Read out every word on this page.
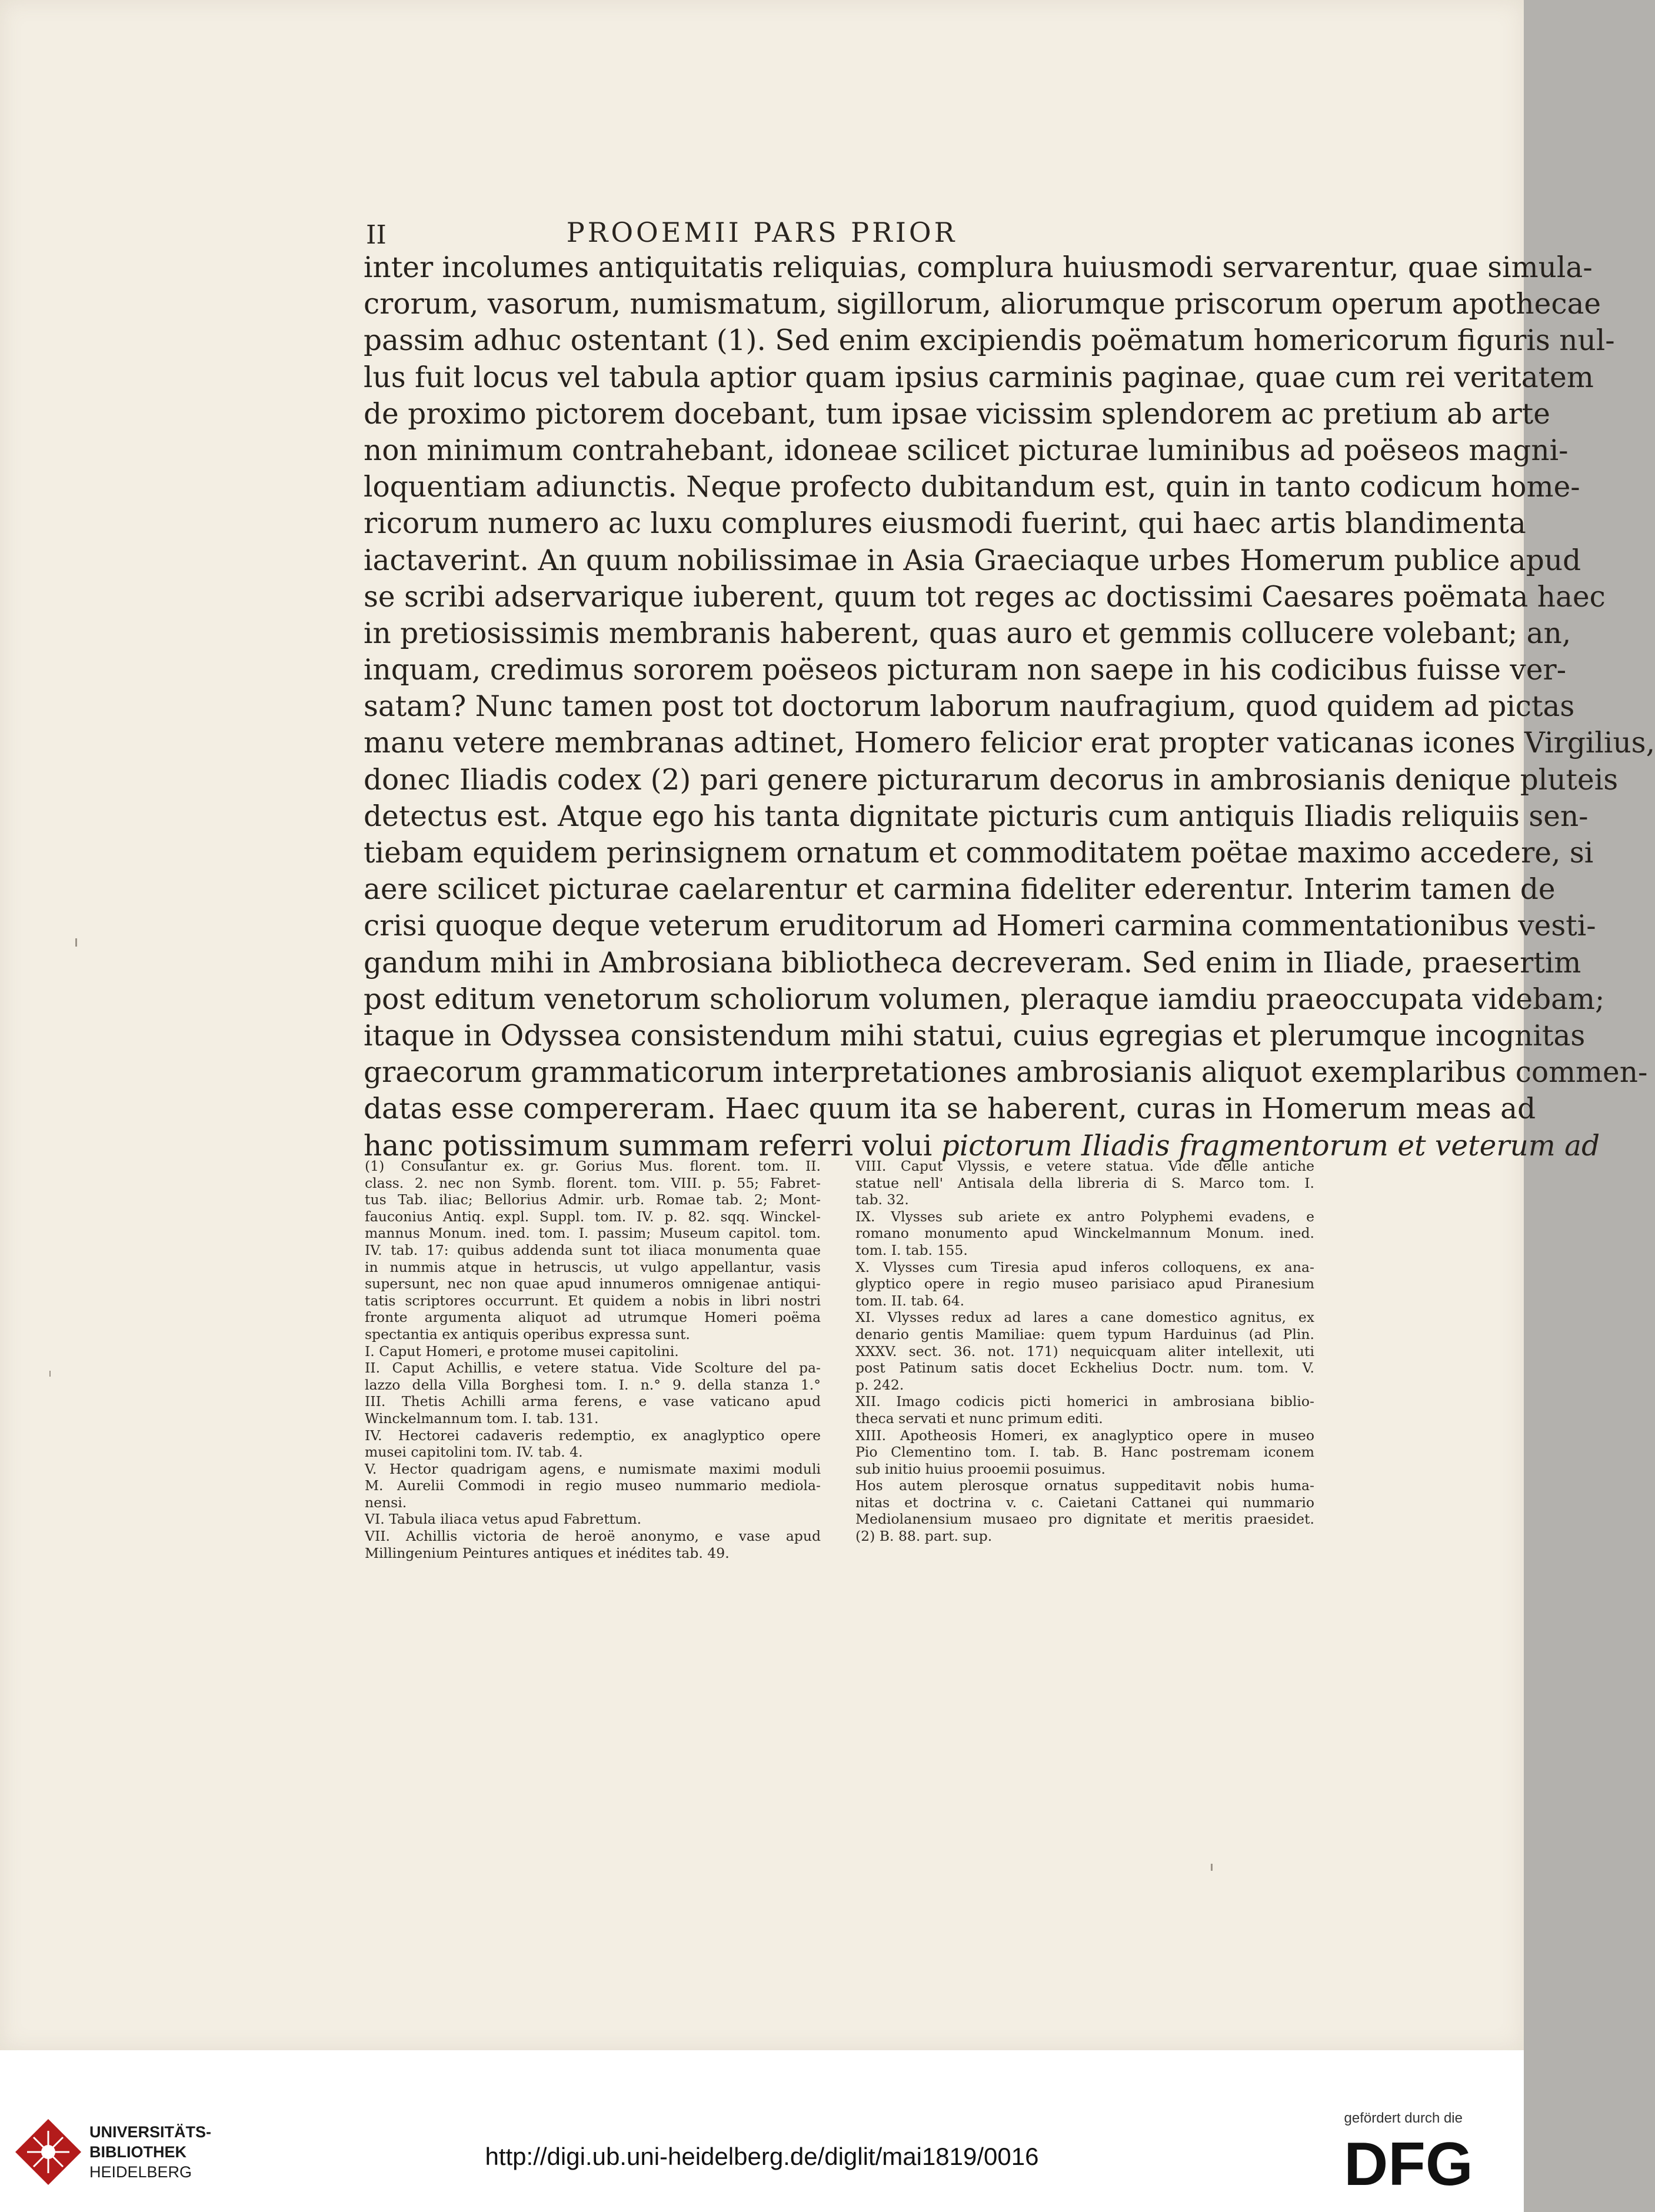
II	PROOEMII PARS PRIOR
inter incolumes antiquitatis reliquias, complura huiusmodi servarentur, quae simula-
crorum, vasorum, numismatum, sigillorum, aliorumque priscorum operum apothecae
passim adhuc ostentant (1). Sed enim excipiendis poëmatum homericorum figuris nul-
lus fuit locus vel tabula aptior quam ipsius carminis paginae, quae cum rei veritatem
de proximo pictorem docebant, tum ipsae vicissim splendorem ac pretium ab arte
non minimum contrahebant, idoneae scilicet picturae luminibus ad poëseos magni-
loquentiam adiunctis. Neque profecto dubitandum est, quin in tanto codicum home-
ricorum numero ac luxu complures eiusmodi fuerint, qui haec artis blandimenta
iactaverint. An quum nobilissimae in Asia Graeciaque urbes Homerum publice apud
se scribi adservarique iuberent, quum tot reges ac doctissimi Caesares poëmata haec
in pretiosissimis membranis haberent, quas auro et gemmis collucere volebant; an,
inquam, credimus sororem poëseos picturam non saepe in his codicibus fuisse ver-
satam? Nunc tamen post tot doctorum laborum naufragium, quod quidem ad pictas
manu vetere membranas adtinet, Homero felicior erat propter vaticanas icones Virgilius,
donec Iliadis codex (2) pari genere picturarum decorus in ambrosianis denique pluteis
detectus est. Atque ego his tanta dignitate picturis cum antiquis Iliadis reliquiis sen-
tiebam equidem perinsignem ornatum et commoditatem poëtae maximo accedere, si
aere scilicet picturae caelarentur et carmina fideliter ederentur. Interim tamen de
crisi quoque deque veterum eruditorum ad Homeri carmina commentationibus vesti-
gandum mihi in Ambrosiana bibliotheca decreveram. Sed enim in Iliade, praesertim
post editum venetorum scholiorum volumen, pleraque iamdiu praeoccupata videbam;
itaque in Odyssea consistendum mihi statui, cuius egregias et plerumque incognitas
graecorum grammaticorum interpretationes ambrosianis aliquot exemplaribus commen-
datas esse compereram. Haec quum ita se haberent, curas in Homerum meas ad
hanc potissimum summam referri volui pictorum Iliadis fragmentorum et veterum ad
(1) Consulantur ex. gr. Gorius Mus. florent. tom. II.
class. 2. nec non Symb. florent. tom. VIII. p. 55; Fabret-
tus Tab. iliac; Bellorius Admir. urb. Romae tab. 2; Mont-
fauconius Antiq. expl. Suppl. tom. IV. p. 82. sqq. Winckel-
mannus Monum. ined. tom. I. passim; Museum capitol. tom.
IV. tab. 17: quibus addenda sunt tot iliaca monumenta quae
in nummis atque in hetruscis, ut vulgo appellantur, vasis
supersunt, nec non quae apud innumeros omnigenae antiqui-
tatis scriptores occurrunt. Et quidem a nobis in libri nostri
fronte argumenta aliquot ad utrumque Homeri poëma
spectantia ex antiquis operibus expressa sunt.
I. Caput Homeri, e protome musei capitolini.
II. Caput Achillis, e vetere statua. Vide Scolture del pa-
lazzo della Villa Borghesi tom. I. n.° 9. della stanza 1.°
III. Thetis Achilli arma ferens, e vase vaticano apud
Winckelmannum tom. I. tab. 131.
IV. Hectorei cadaveris redemptio, ex anaglyptico opere
musei capitolini tom. IV. tab. 4.
V. Hector quadrigam agens, e numismate maximi moduli
M. Aurelii Commodi in regio museo nummario mediola-
nensi.
VI. Tabula iliaca vetus apud Fabrettum.
VII. Achillis victoria de heroë anonymo, e vase apud
Millingenium Peintures antiques et inédites tab. 49.
VIII. Caput Vlyssis, e vetere statua. Vide delle antiche
statue nell' Antisala della libreria di S. Marco tom. I.
tab. 32.
IX. Vlysses sub ariete ex antro Polyphemi evadens, e
romano monumento apud Winckelmannum Monum. ined.
tom. I. tab. 155.
X. Vlysses cum Tiresia apud inferos colloquens, ex ana-
glyptico opere in regio museo parisiaco apud Piranesium
tom. II. tab. 64.
XI. Vlysses redux ad lares a cane domestico agnitus, ex
denario gentis Mamiliae: quem typum Harduinus (ad Plin.
XXXV. sect. 36. not. 171) nequicquam aliter intellexit, uti
post Patinum satis docet Eckhelius Doctr. num. tom. V.
p. 242.
XII. Imago codicis picti homerici in ambrosiana biblio-
theca servati et nunc primum editi.
XIII. Apotheosis Homeri, ex anaglyptico opere in museo
Pio Clementino tom. I. tab. B. Hanc postremam iconem
sub initio huius prooemii posuimus.
Hos autem plerosque ornatus suppeditavit nobis huma-
nitas et doctrina v. c. Caietani Cattanei qui nummario
Mediolanensium musaeo pro dignitate et meritis praesidet.
(2) B. 88. part. sup.
UNIVERSITÄTS-
BIBLIOTHEK
HEIDELBERG
http://digi.ub.uni-heidelberg.de/diglit/mai1819/0016
gefördert durch die
DFG
